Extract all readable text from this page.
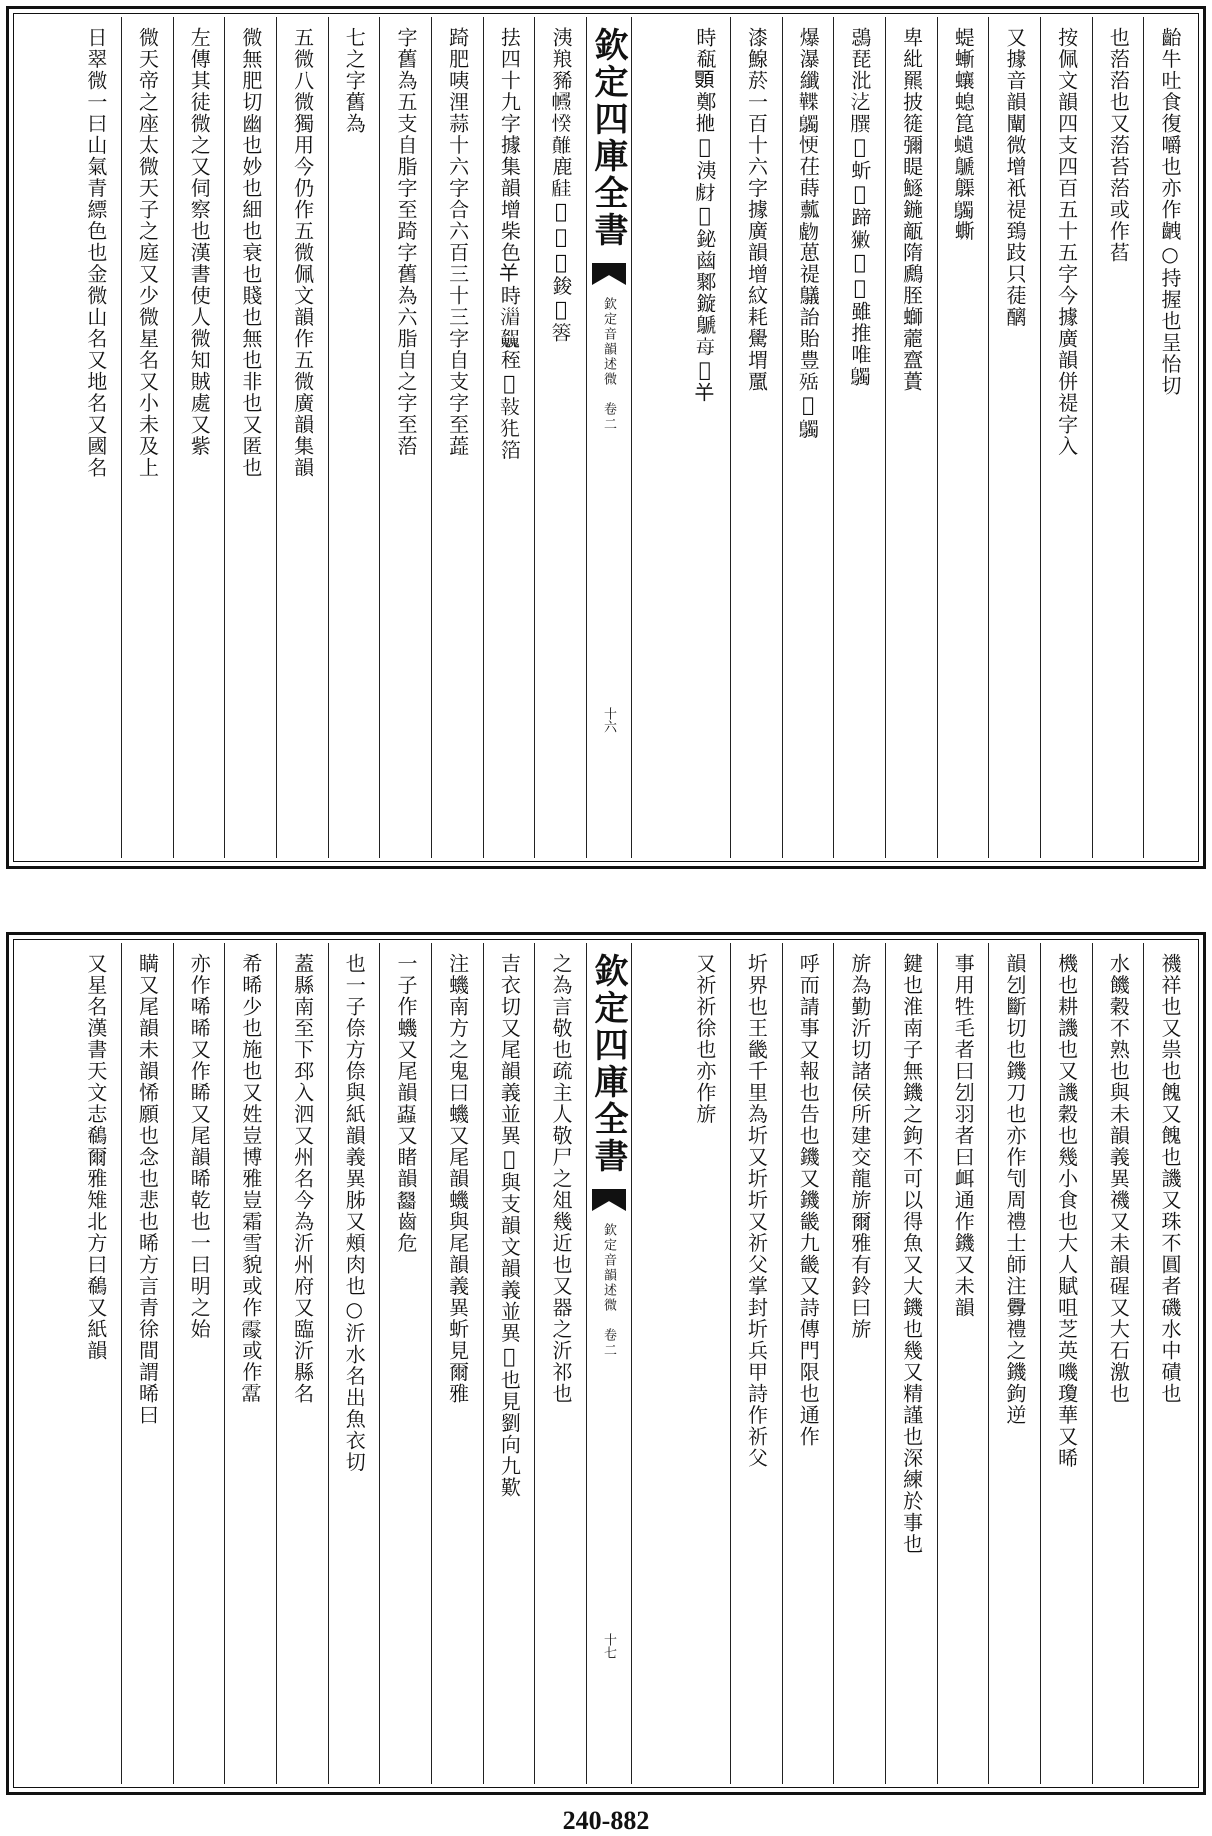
齝牛吐食復嚼也亦作齥○持握也呈怡切
也菭菭也又菭苔菭或作萏
按佩文韻四支四百五十五字今據廣韻併禔字入
又據音韻闡微增衹禔鵄跂只蓗醨
蝭螹蠰螅箟𧔥鷈𪆫𪇆蟖
卑紕羆披簁彌睼鱁鍦甋隋鷉胵螄蘎齍蕢
鵋琵沘𣲁𦠆𥲲蚚𢷬蹄𤡳𢹿𤛆雖推唯𪇆
爆瀑纖𧃹𪇆𢙾茌蒔䕯𧇂葸禔鸃詒貽豊𣨡𣃬𪇆
漆鰁菸一百十六字據廣韻增紋耗䮸㙕𩗏
時瓻𩓔鄭𢫌𩸱洟𧆯𢏑鉍𦱳鄹鏇鷈𣫭𧠌𢆉
欽定四庫全書
欽定音韻述微　卷二
十六
洟羪豨𢅱𢜽𩀴鹿𡐠𡹕𢆆𣘨鋑𣏊𥰫
抾四十九字據集韻增柴色𢆉時𣽪𩴿秷𦮠𢽞𤜨箔
踦肥咦浬蒜十六字合六百三十三字自支字至蕋
字舊為五支自脂字至踦字舊為六脂自之字至菭
七之字舊為
五微八微獨用今仍作五微佩文韻作五微廣韻集韻
微無肥切幽也妙也細也衰也賤也無也非也又匿也
左傳其徒微之又伺察也漢書使人微知賊處又紫
微天帝之座太微天子之庭又少微星名又小未及上
日翠微一曰山氣青縹色也金微山名又地名又國名
禨祥也又祟也餽又餽也譏又珠不圓者磯水中磧也
水饑穀不熟也與未韻義異禨又未韻䃏又大石激也
機也耕譏也又譏穀也幾小食也大人賦咀芝英嘰瓊華又晞
韻刉斷切也鐖刀也亦作刏周禮士師注釁禮之鐖鉤逆
事用牲毛者曰刉羽者曰衈通作鐖又未韻
鍵也淮南子無鐖之鉤不可以得魚又大鐖也幾又精謹也深練於事也
旂為勤沂切諸侯所建交龍旂爾雅有鈴曰旂
呼而請事又報也告也鐖又鐖畿九畿又詩傳門限也通作
圻界也王畿千里為圻又圻圻又祈父掌封圻兵甲詩作祈父
又祈祈徐也亦作旂
欽定四庫全書
欽定音韻述微　卷二
十七
之為言敬也疏主人敬尸之俎幾近也又器之沂祁也
吉衣切又尾韻義並異𩋶與支韻文韻義並異𩋶也見劉向九歎
注蟣南方之鬼曰蟣又尾韻蟣與尾韻義異蚚見爾雅
一子作蟣又尾韻𧑖又睹韻𪙗齒危
也一子倷方倷與紙韻義異胏又頰肉也○沂水名出魚衣切
蓋縣南至下邳入泗又州名今為沂州府又臨沂縣名
希晞少也施也又姓豈博雅豈霜雪貌或作𩅥或作𩅟
亦作唏晞又作睎又尾韻晞乾也一曰明之始
𥈞又尾韻未韻悕願也念也悲也晞方言青徐間謂晞曰
又星名漢書天文志鵗爾雅雉北方曰鵗又紙韻
240-882
